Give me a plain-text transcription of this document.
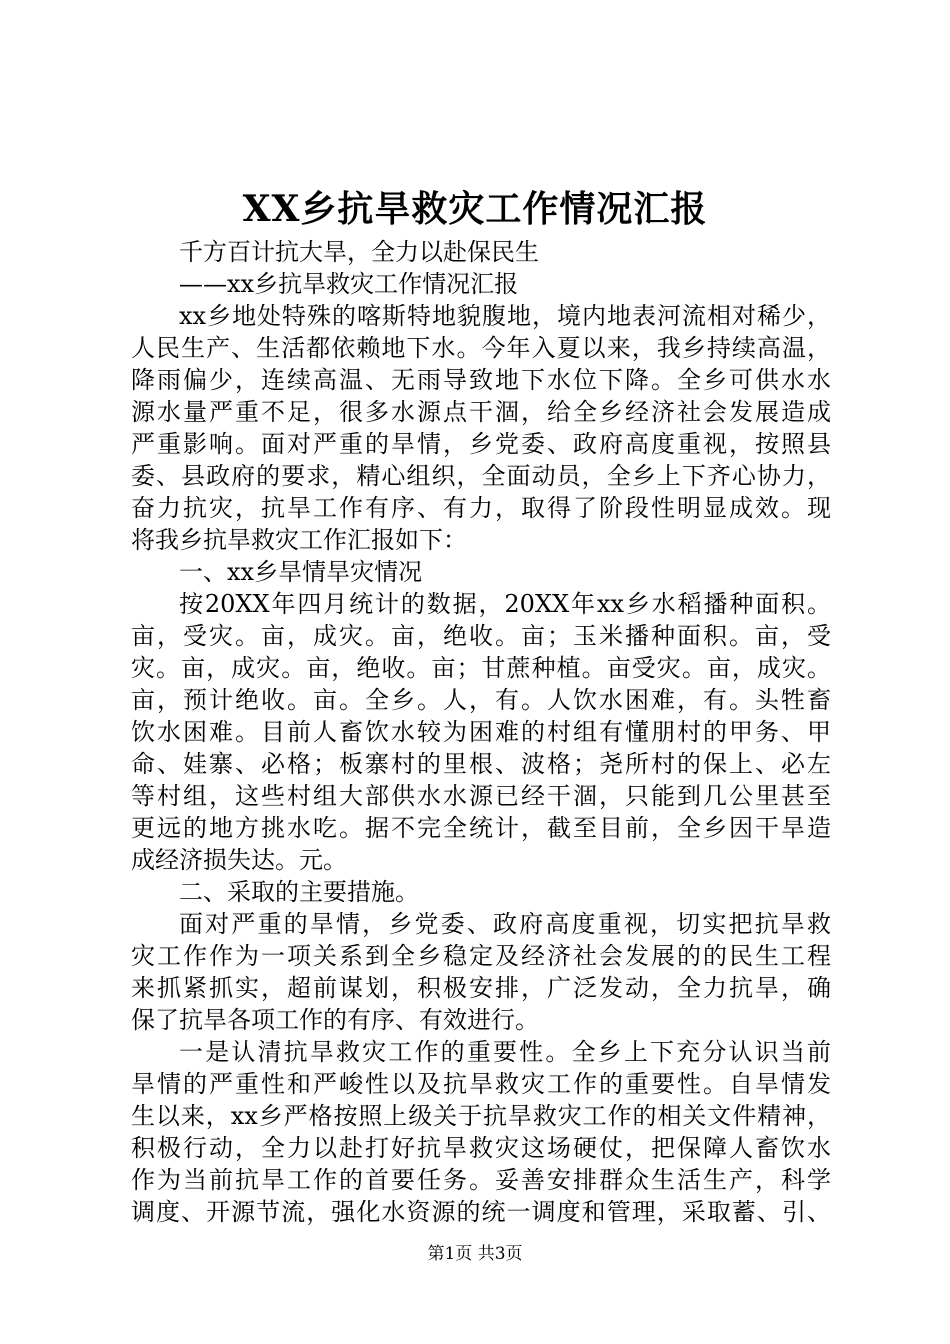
XX乡抗旱救灾工作情况汇报
千方百计抗大旱，全力以赴保民生
——xx乡抗旱救灾工作情况汇报
xx乡地处特殊的喀斯特地貌腹地，境内地表河流相对稀少，
人民生产、生活都依赖地下水。今年入夏以来，我乡持续高温，
降雨偏少，连续高温、无雨导致地下水位下降。全乡可供水水
源水量严重不足，很多水源点干涸，给全乡经济社会发展造成
严重影响。面对严重的旱情，乡党委、政府高度重视，按照县
委、县政府的要求，精心组织，全面动员，全乡上下齐心协力，
奋力抗灾，抗旱工作有序、有力，取得了阶段性明显成效。现
将我乡抗旱救灾工作汇报如下：
一、xx乡旱情旱灾情况
按20XX年四月统计的数据，20XX年xx乡水稻播种面积。
亩，受灾。亩，成灾。亩，绝收。亩；玉米播种面积。亩，受
灾。亩，成灾。亩，绝收。亩；甘蔗种植。亩受灾。亩，成灾。
亩，预计绝收。亩。全乡。人，有。人饮水困难，有。头牲畜
饮水困难。目前人畜饮水较为困难的村组有懂朋村的甲务、甲
命、娃寨、必格；板寨村的里根、波格；尧所村的保上、必左
等村组，这些村组大部供水水源已经干涸，只能到几公里甚至
更远的地方挑水吃。据不完全统计，截至目前，全乡因干旱造
成经济损失达。元。
二、采取的主要措施。
面对严重的旱情，乡党委、政府高度重视，切实把抗旱救
灾工作作为一项关系到全乡稳定及经济社会发展的的民生工程
来抓紧抓实，超前谋划，积极安排，广泛发动，全力抗旱，确
保了抗旱各项工作的有序、有效进行。
一是认清抗旱救灾工作的重要性。全乡上下充分认识当前
旱情的严重性和严峻性以及抗旱救灾工作的重要性。自旱情发
生以来，xx乡严格按照上级关于抗旱救灾工作的相关文件精神，
积极行动，全力以赴打好抗旱救灾这场硬仗，把保障人畜饮水
作为当前抗旱工作的首要任务。妥善安排群众生活生产，科学
调度、开源节流，强化水资源的统一调度和管理，采取蓄、引、
第1页 共3页
